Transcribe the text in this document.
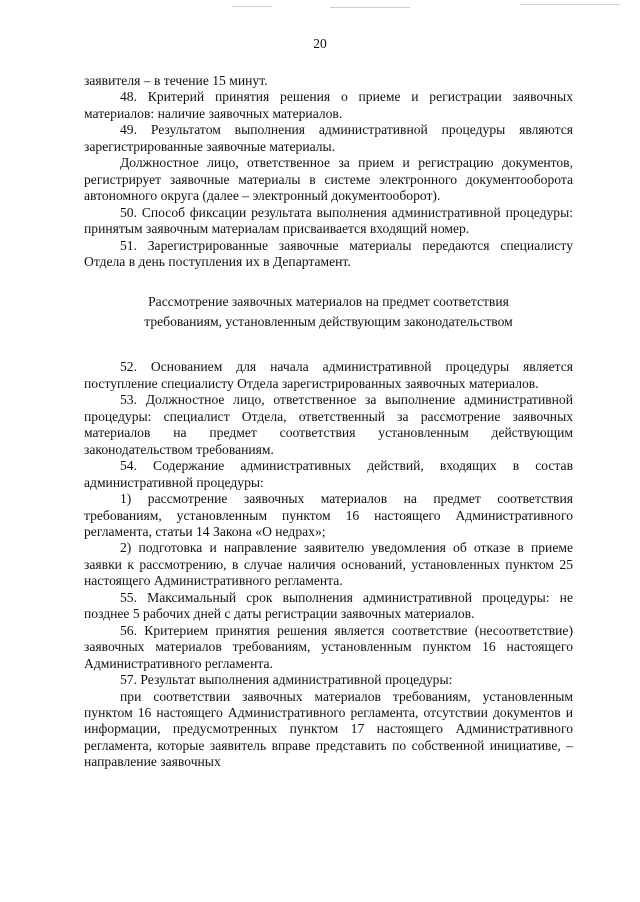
20

заявителя – в течение 15 минут.

48. Критерий принятия решения о приеме и регистрации заявочных материалов: наличие заявочных материалов.

49. Результатом выполнения административной процедуры являются зарегистрированные заявочные материалы.

Должностное лицо, ответственное за прием и регистрацию документов, регистрирует заявочные материалы в системе электронного документооборота автономного округа (далее – электронный документооборот).

50. Способ фиксации результата выполнения административной процедуры: принятым заявочным материалам присваивается входящий номер.

51. Зарегистрированные заявочные материалы передаются специалисту Отдела в день поступления их в Департамент.

Рассмотрение заявочных материалов на предмет соответствия
требованиям, установленным действующим законодательством

52. Основанием для начала административной процедуры является поступление специалисту Отдела зарегистрированных заявочных материалов.

53. Должностное лицо, ответственное за выполнение административной процедуры: специалист Отдела, ответственный за рассмотрение заявочных материалов на предмет соответствия установленным действующим законодательством требованиям.

54. Содержание административных действий, входящих в состав административной процедуры:

1) рассмотрение заявочных материалов на предмет соответствия требованиям, установленным пунктом 16 настоящего Административного регламента, статьи 14 Закона «О недрах»;

2) подготовка и направление заявителю уведомления об отказе в приеме заявки к рассмотрению, в случае наличия оснований, установленных пунктом 25 настоящего Административного регламента.

55. Максимальный срок выполнения административной процедуры: не позднее 5 рабочих дней с даты регистрации заявочных материалов.

56. Критерием принятия решения является соответствие (несоответствие) заявочных материалов требованиям, установленным пунктом 16 настоящего Административного регламента.

57. Результат выполнения административной процедуры:

при соответствии заявочных материалов требованиям, установленным пунктом 16 настоящего Административного регламента, отсутствии документов и информации, предусмотренных пунктом 17 настоящего Административного регламента, которые заявитель вправе представить по собственной инициативе, – направление заявочных
